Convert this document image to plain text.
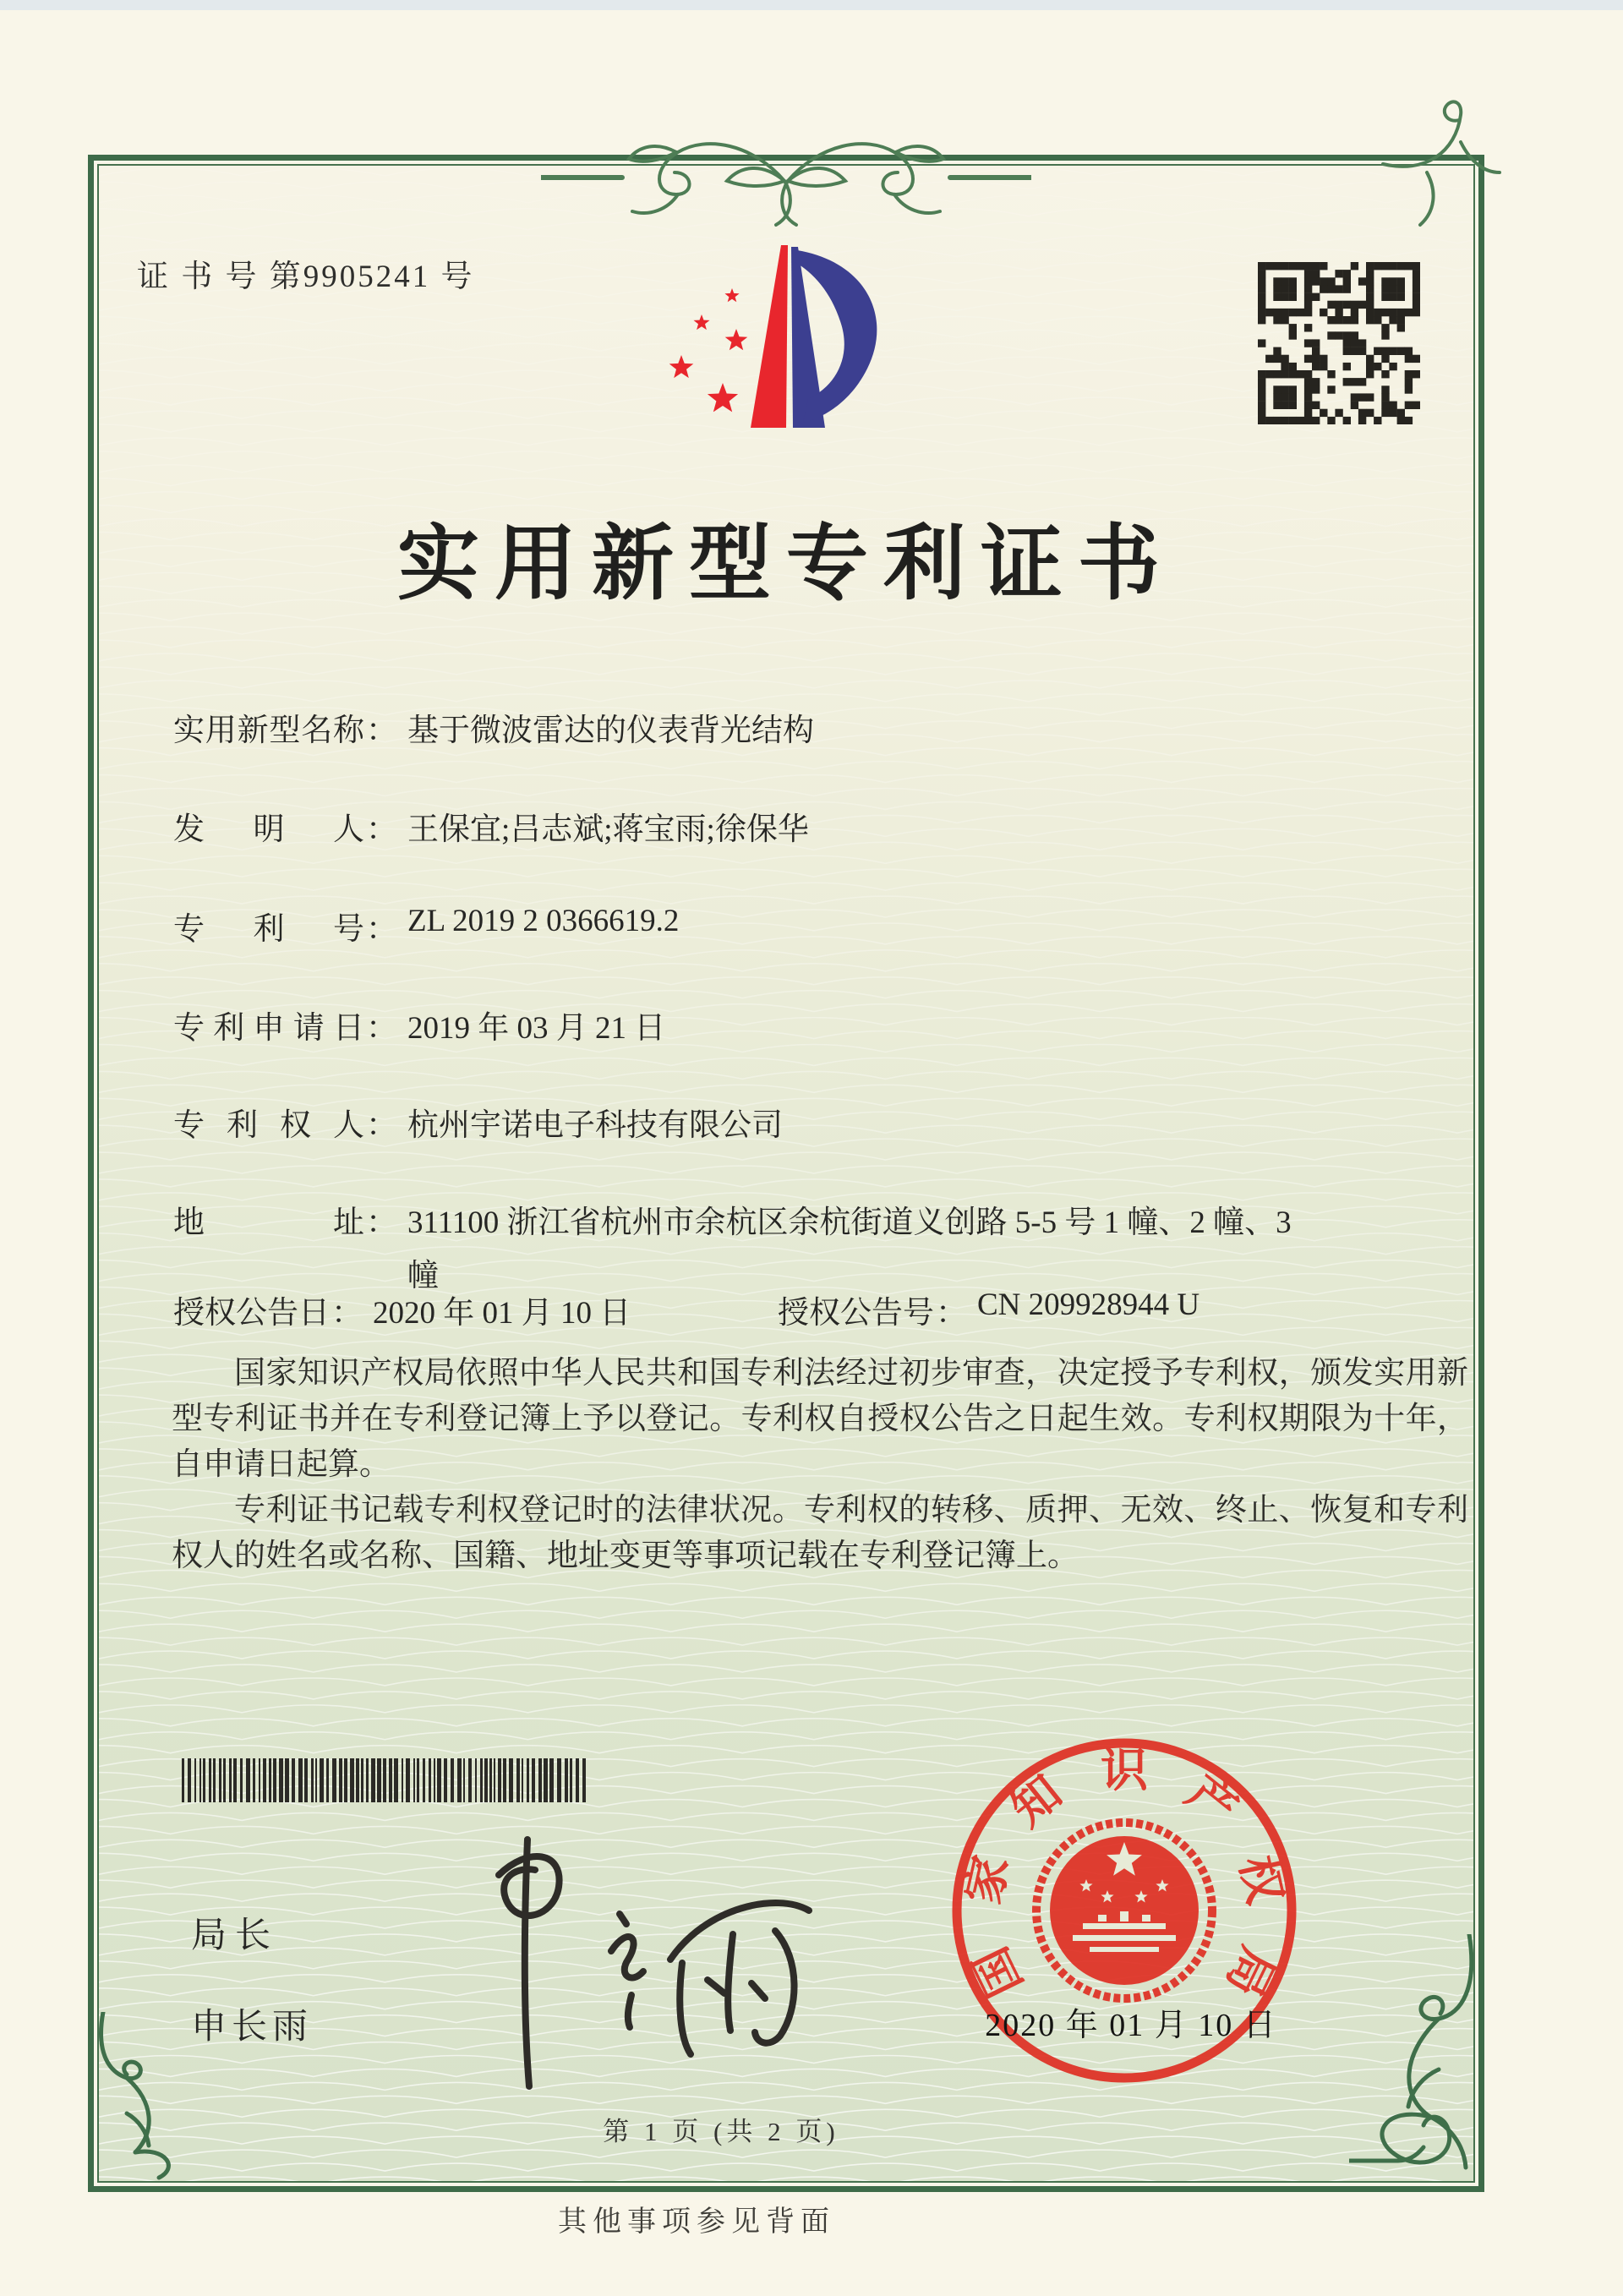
证 书 号 第9905241 号
实用新型专利证书
实用新型名称 ： 基于微波雷达的仪表背光结构
发明人 ： 王保宜;吕志斌;蒋宝雨;徐保华
专利号 ： ZL 2019 2 0366619.2
专利申请日 ： 2019 年 03 月 21 日
专利权人 ： 杭州宇诺电子科技有限公司
地址 ： 311100 浙江省杭州市余杭区余杭街道义创路 5-5 号 1 幢、2 幢、3 幢
授权公告日 ： 2020 年 01 月 10 日	授权公告号 ： CN 209928944 U

国家知识产权局依照中华人民共和国专利法经过初步审查，决定授予专利权，颁发实用新型专利证书并在专利登记簿上予以登记。专利权自授权公告之日起生效。专利权期限为十年，自申请日起算。

专利证书记载专利权登记时的法律状况。专利权的转移、质押、无效、终止、恢复和专利权人的姓名或名称、国籍、地址变更等事项记载在专利登记簿上。

局长
申长雨
国
家
知 识 产
权
局
2020 年 01 月 10 日
第 1 页 (共 2 页)
其他事项参见背面
